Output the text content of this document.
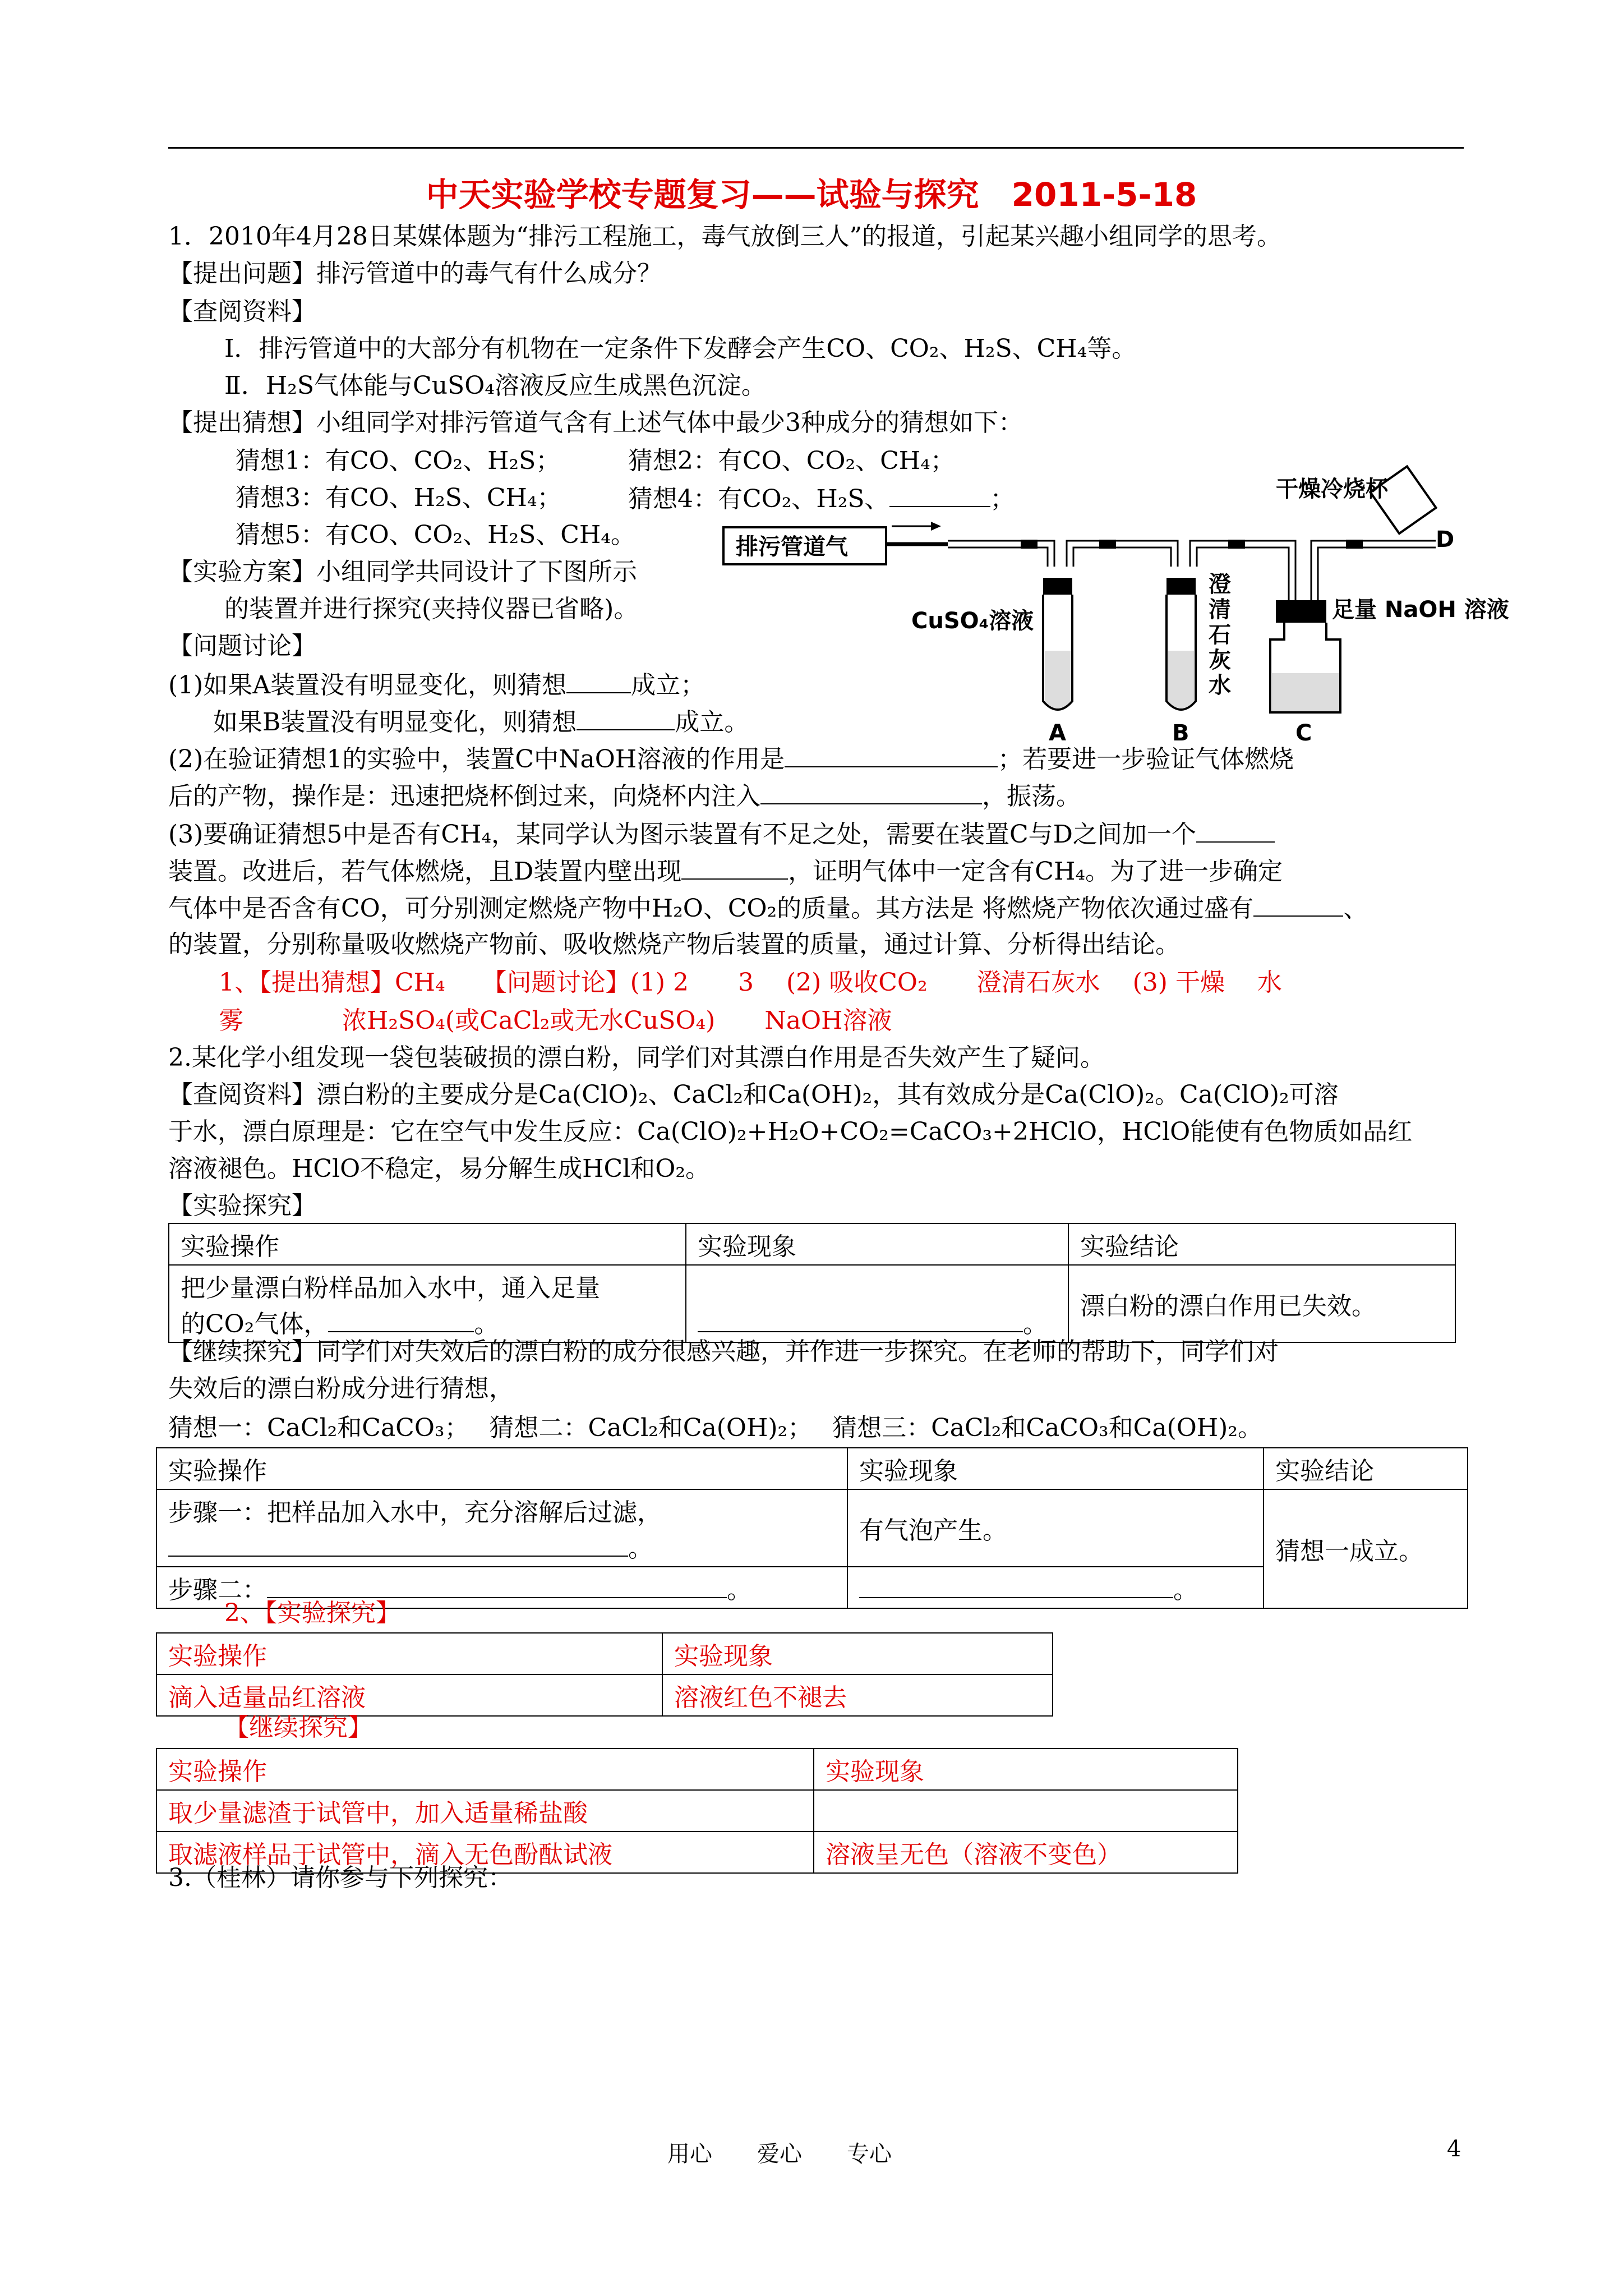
中天实验学校专题复习——试验与探究　2011-5-18
1．2010年4月28日某媒体题为“排污工程施工，毒气放倒三人”的报道，引起某兴趣小组同学的思考。
【提出问题】排污管道中的毒气有什么成分？
【查阅资料】
Ⅰ．排污管道中的大部分有机物在一定条件下发酵会产生CO、CO₂、H₂S、CH₄等。
Ⅱ．H₂S气体能与CuSO₄溶液反应生成黑色沉淀。
【提出猜想】小组同学对排污管道气含有上述气体中最少3种成分的猜想如下：
猜想1：有CO、CO₂、H₂S；	猜想2：有CO、CO₂、CH₄；
猜想3：有CO、H₂S、CH₄；	猜想4：有CO₂、H₂S、	；
猜想5：有CO、CO₂、H₂S、CH₄。
【实验方案】小组同学共同设计了下图所示
的装置并进行探究(夹持仪器已省略)。
【问题讨论】
(1)如果A装置没有明显变化，则猜想	成立；
如果B装置没有明显变化，则猜想	成立。
(2)在验证猜想1的实验中，装置C中NaOH溶液的作用是	；若要进一步验证气体燃烧
后的产物，操作是：迅速把烧杯倒过来，向烧杯内注入	，振荡。
(3)要确证猜想5中是否有CH₄，某同学认为图示装置有不足之处，需要在装置C与D之间加一个
装置。改进后，若气体燃烧，且D装置内壁出现	，证明气体中一定含有CH₄。为了进一步确定
气体中是否含有CO，可分别测定燃烧产物中H₂O、CO₂的质量。其方法是 将燃烧产物依次通过盛有	、
的装置，分别称量吸收燃烧产物前、吸收燃烧产物后装置的质量，通过计算、分析得出结论。
1、【提出猜想】CH₄　　【问题讨论】(1) 2　　3　 (2) 吸收CO₂　　澄清石灰水　 (3) 干燥　 水
雾　　　　浓H₂SO₄(或CaCl₂或无水CuSO₄)　　NaOH溶液
排污管道气
干燥冷烧杯
D
CuSO₄溶液
澄
清
石
灰
水
足量 NaOH 溶液
A	B	C
2.某化学小组发现一袋包装破损的漂白粉，同学们对其漂白作用是否失效产生了疑问。
【查阅资料】漂白粉的主要成分是Ca(ClO)₂、CaCl₂和Ca(OH)₂，其有效成分是Ca(ClO)₂。Ca(ClO)₂可溶
于水，漂白原理是：它在空气中发生反应：Ca(ClO)₂+H₂O+CO₂=CaCO₃+2HClO，HClO能使有色物质如品红
溶液褪色。HClO不稳定，易分解生成HCl和O₂。
【实验探究】
实验操作	实验现象	实验结论

把少量漂白粉样品加入水中，通入足量
的CO₂气体， 。	。	漂白粉的漂白作用已失效。
【继续探究】同学们对失效后的漂白粉的成分很感兴趣，并作进一步探究。在老师的帮助下，同学们对
失效后的漂白粉成分进行猜想，
猜想一：CaCl₂和CaCO₃；　 猜想二：CaCl₂和Ca(OH)₂；　 猜想三：CaCl₂和CaCO₃和Ca(OH)₂。
实验操作	实验现象	实验结论

步骤一：把样品加入水中，充分溶解后过滤，
。	有气泡产生。	猜想一成立。
步骤二： 。	。	
2、【实验探究】
实验操作	实验现象
滴入适量品红溶液	溶液红色不褪去
【继续探究】
实验操作	实验现象
取少量滤渣于试管中，加入适量稀盐酸	
取滤液样品于试管中，滴入无色酚酞试液	溶液呈无色（溶液不变色）
3.（桂林）请你参与下列探究：
用心　　爱心　　专心	4
